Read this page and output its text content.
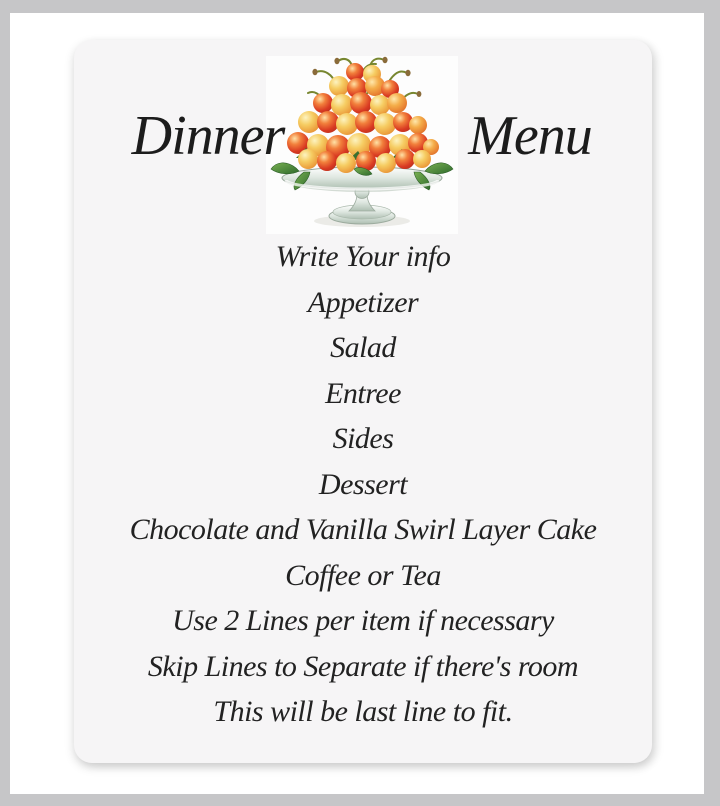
Dinner	Menu
Write Your info
Appetizer
Salad
Entree
Sides
Dessert
Chocolate and Vanilla Swirl Layer Cake
Coffee or Tea
Use 2 Lines per item if necessary
Skip Lines to Separate if there's room
This will be last line to fit.
